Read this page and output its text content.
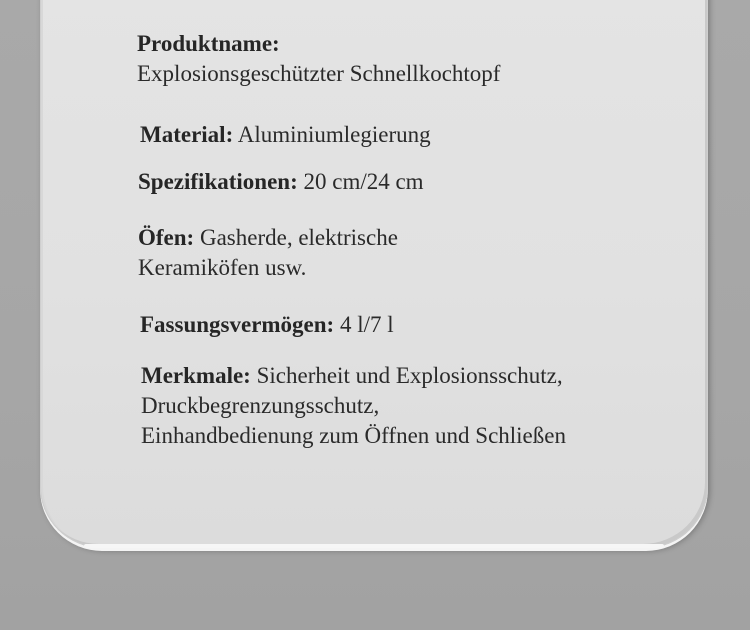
Produktname:
Explosionsgeschützter Schnellkochtopf
Material: Aluminiumlegierung
Spezifikationen: 20 cm/24 cm
Öfen: Gasherde, elektrische
Keramiköfen usw.
Fassungsvermögen: 4 l/7 l
Merkmale: Sicherheit und Explosionsschutz,
Druckbegrenzungsschutz,
Einhandbedienung zum Öffnen und Schließen
